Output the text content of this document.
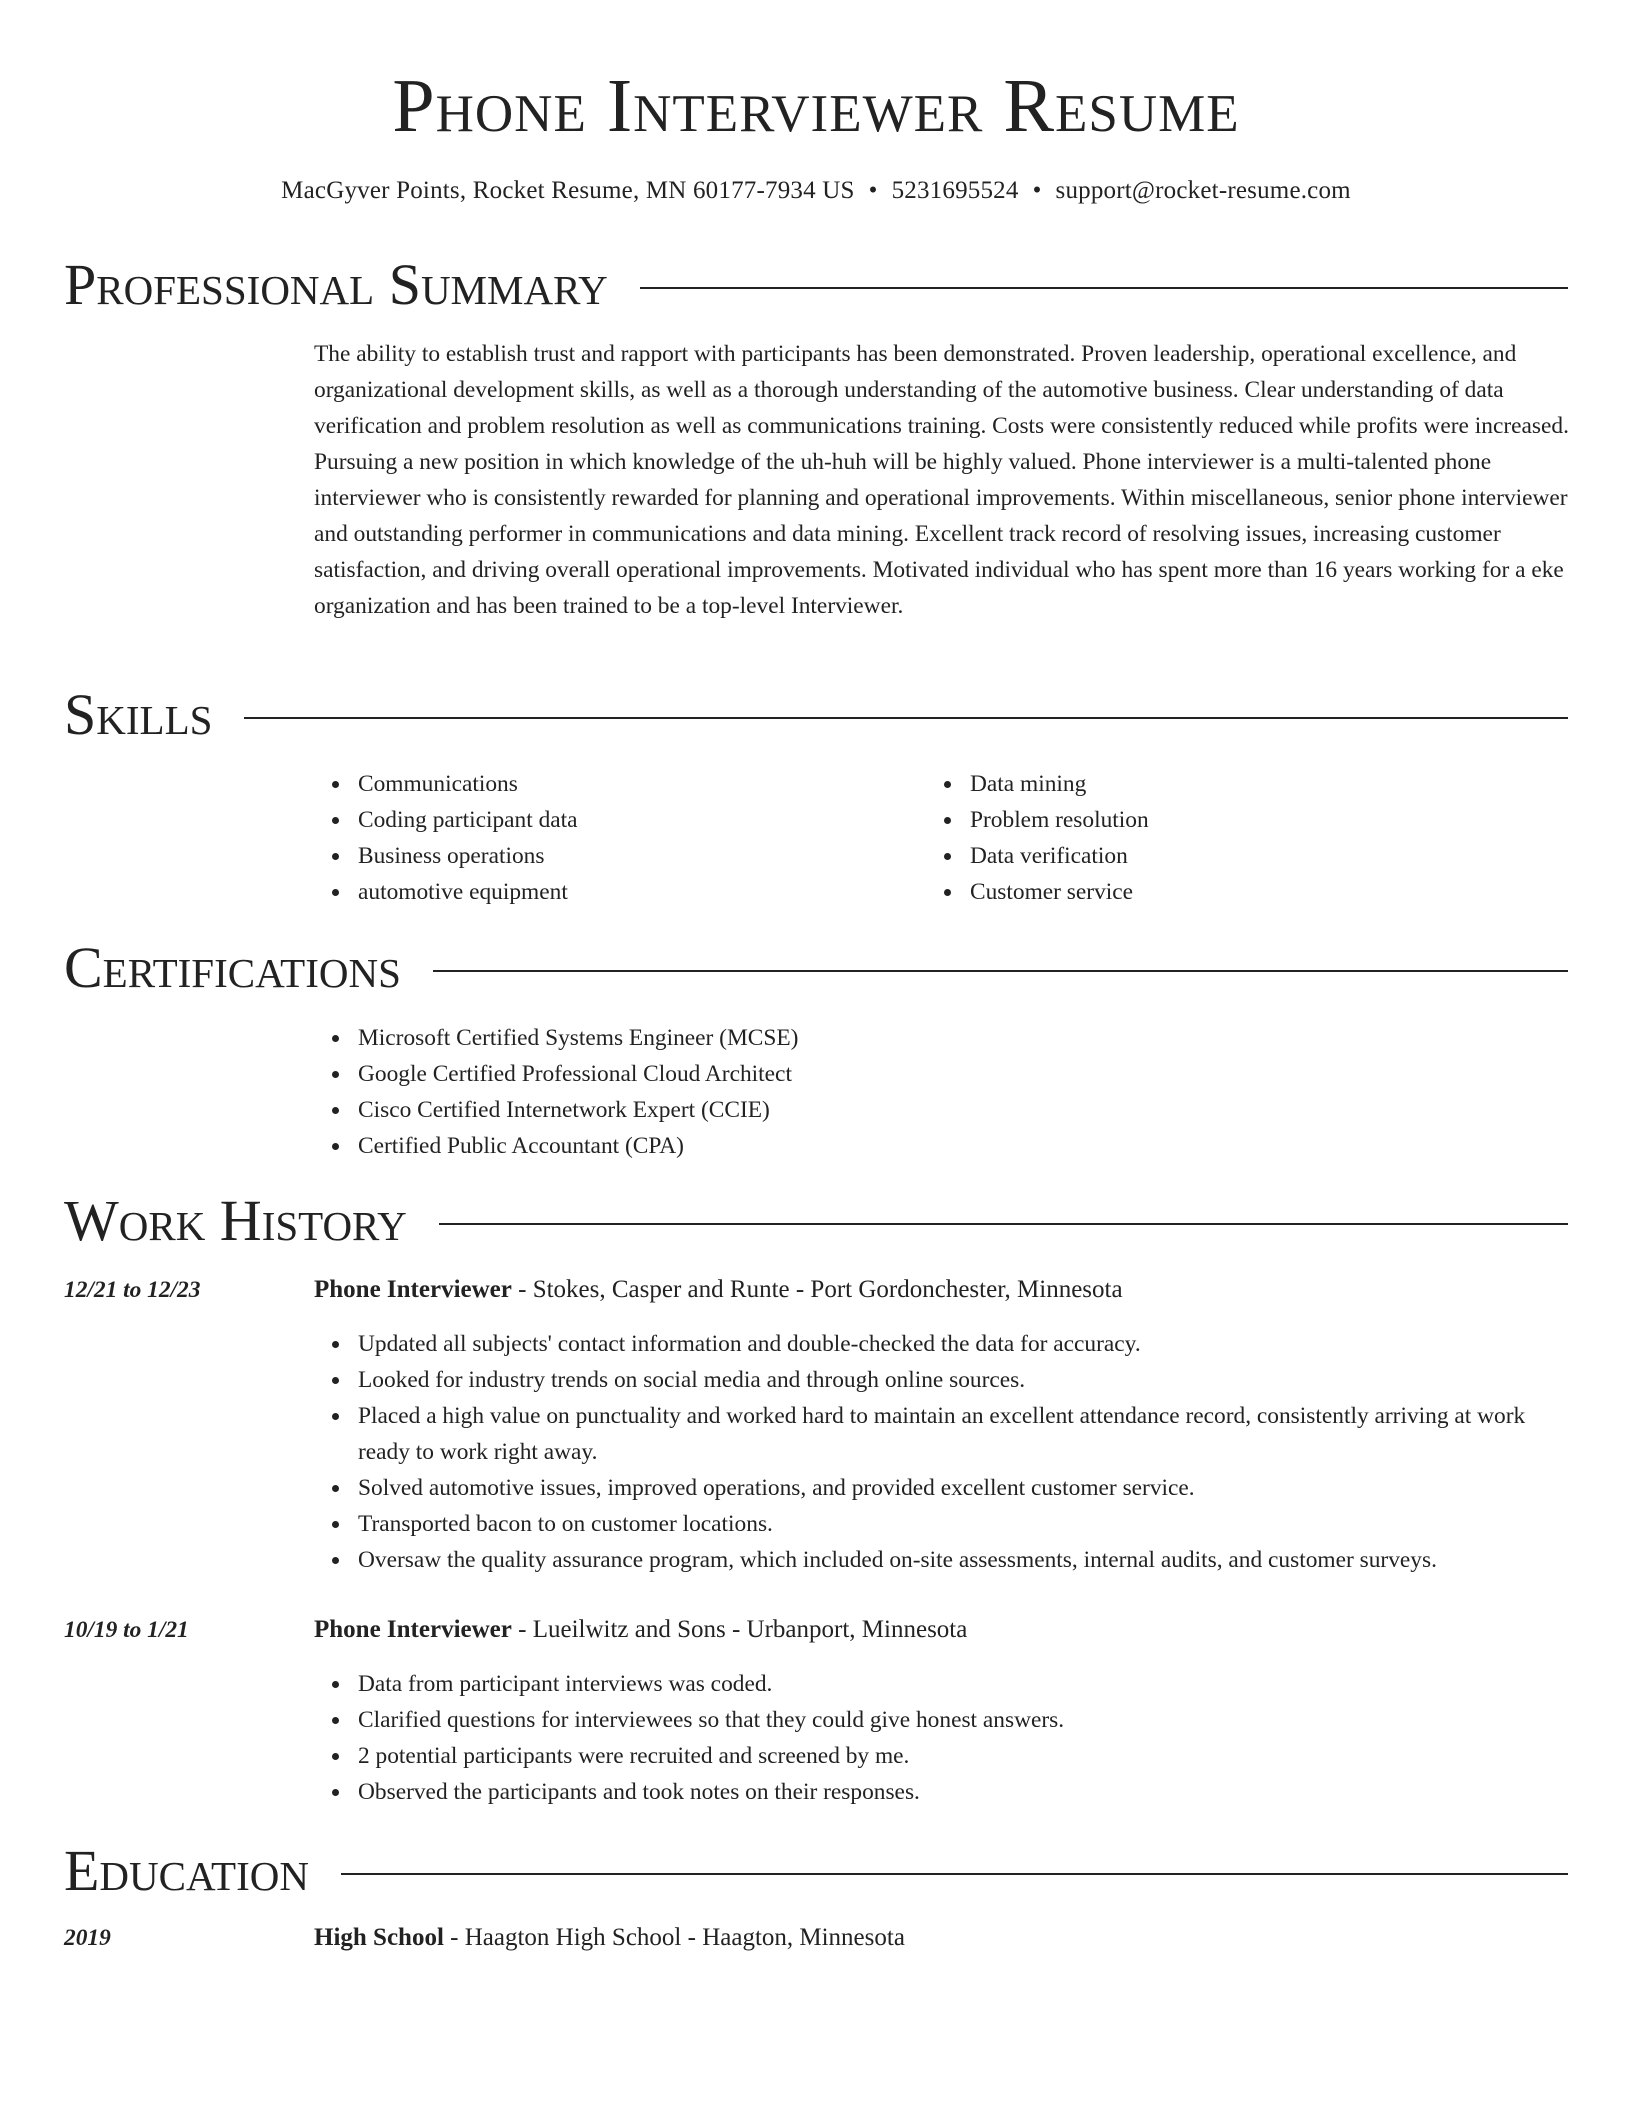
Phone Interviewer Resume
MacGyver Points, Rocket Resume, MN 60177-7934 US • 5231695524 • support@rocket-resume.com
Professional Summary

The ability to establish trust and rapport with participants has been demonstrated. Proven leadership, operational excellence, and organizational development skills, as well as a thorough understanding of the automotive business. Clear understanding of data verification and problem resolution as well as communications training. Costs were consistently reduced while profits were increased. Pursuing a new position in which knowledge of the uh-huh will be highly valued. Phone interviewer is a multi-talented phone interviewer who is consistently rewarded for planning and operational improvements. Within miscellaneous, senior phone interviewer and outstanding performer in communications and data mining. Excellent track record of resolving issues, increasing customer satisfaction, and driving overall operational improvements. Motivated individual who has spent more than 16 years working for a eke organization and has been trained to be a top-level Interviewer.

Skills
Communications
Coding participant data
Business operations
automotive equipment
Data mining
Problem resolution
Data verification
Customer service
Certifications
Microsoft Certified Systems Engineer (MCSE)
Google Certified Professional Cloud Architect
Cisco Certified Internetwork Expert (CCIE)
Certified Public Accountant (CPA)
Work History
12/21 to 12/23	Phone Interviewer - Stokes, Casper and Runte - Port Gordonchester, Minnesota
Updated all subjects' contact information and double-checked the data for accuracy.
Looked for industry trends on social media and through online sources.
Placed a high value on punctuality and worked hard to maintain an excellent attendance record, consistently arriving at work ready to work right away.
Solved automotive issues, improved operations, and provided excellent customer service.
Transported bacon to on customer locations.
Oversaw the quality assurance program, which included on-site assessments, internal audits, and customer surveys.
10/19 to 1/21	Phone Interviewer - Lueilwitz and Sons - Urbanport, Minnesota
Data from participant interviews was coded.
Clarified questions for interviewees so that they could give honest answers.
2 potential participants were recruited and screened by me.
Observed the participants and took notes on their responses.
Education
2019	High School - Haagton High School - Haagton, Minnesota
